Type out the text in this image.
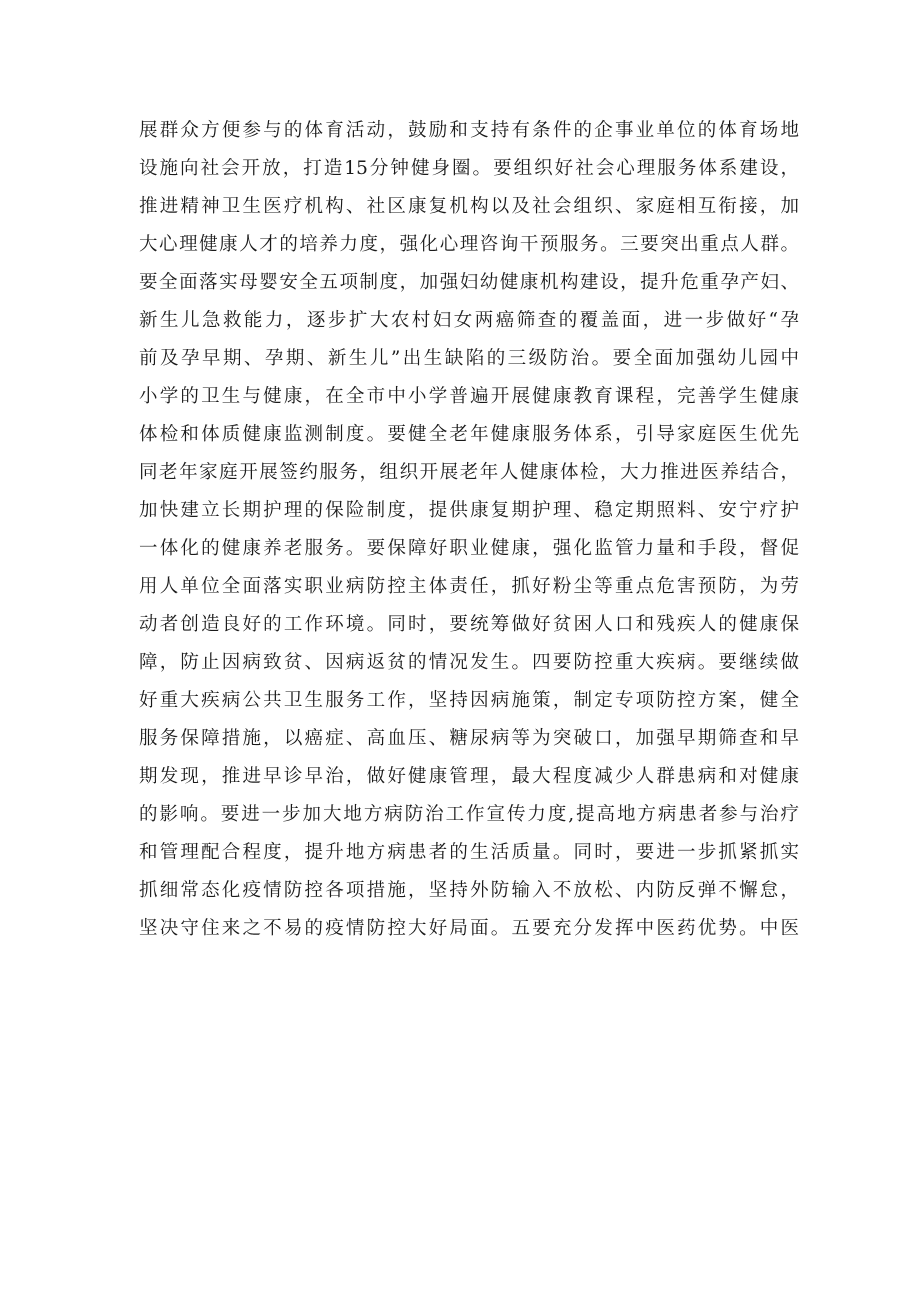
展群众方便参与的体育活动，鼓励和支持有条件的企事业单位的体育场地
设施向社会开放，打造15分钟健身圈。要组织好社会心理服务体系建设，
推进精神卫生医疗机构、社区康复机构以及社会组织、家庭相互衔接，加
大心理健康人才的培养力度，强化心理咨询干预服务。三要突出重点人群。
要全面落实母婴安全五项制度，加强妇幼健康机构建设，提升危重孕产妇、
新生儿急救能力，逐步扩大农村妇女两癌筛查的覆盖面，进一步做好“孕
前及孕早期、孕期、新生儿”出生缺陷的三级防治。要全面加强幼儿园中
小学的卫生与健康，在全市中小学普遍开展健康教育课程，完善学生健康
体检和体质健康监测制度。要健全老年健康服务体系，引导家庭医生优先
同老年家庭开展签约服务，组织开展老年人健康体检，大力推进医养结合，
加快建立长期护理的保险制度，提供康复期护理、稳定期照料、安宁疗护
一体化的健康养老服务。要保障好职业健康，强化监管力量和手段，督促
用人单位全面落实职业病防控主体责任，抓好粉尘等重点危害预防，为劳
动者创造良好的工作环境。同时，要统筹做好贫困人口和残疾人的健康保
障，防止因病致贫、因病返贫的情况发生。四要防控重大疾病。要继续做
好重大疾病公共卫生服务工作，坚持因病施策，制定专项防控方案，健全
服务保障措施，以癌症、高血压、糖尿病等为突破口，加强早期筛查和早
期发现，推进早诊早治，做好健康管理，最大程度减少人群患病和对健康
的影响。要进一步加大地方病防治工作宣传力度,提高地方病患者参与治疗
和管理配合程度，提升地方病患者的生活质量。同时，要进一步抓紧抓实
抓细常态化疫情防控各项措施，坚持外防输入不放松、内防反弹不懈怠，
坚决守住来之不易的疫情防控大好局面。五要充分发挥中医药优势。中医
